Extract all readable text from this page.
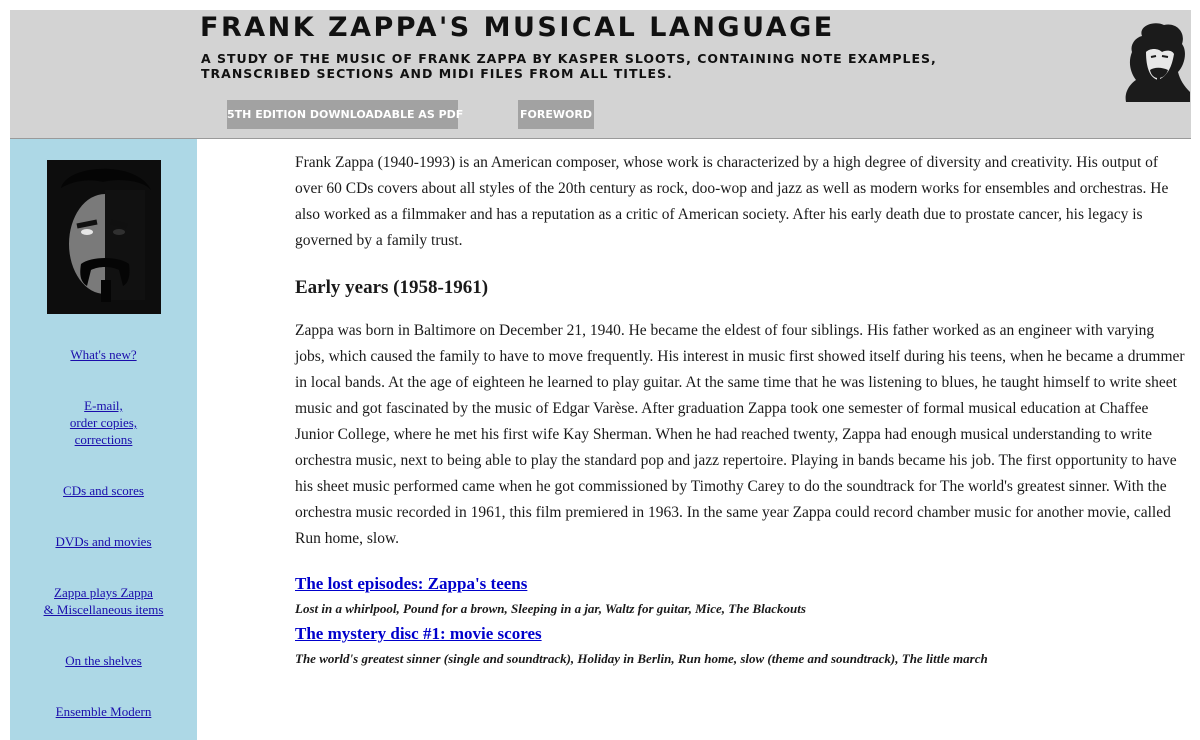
FRANK ZAPPA'S MUSICAL LANGUAGE

A STUDY OF THE MUSIC OF FRANK ZAPPA BY KASPER SLOOTS, CONTAINING NOTE EXAMPLES, TRANSCRIBED SECTIONS AND MIDI FILES FROM ALL TITLES.

5TH EDITION DOWNLOADABLE AS PDF	FOREWORD
What's new?
E-mail,
order copies,
corrections
CDs and scores
DVDs and movies
Zappa plays Zappa
& Miscellaneous items
On the shelves
Ensemble Modern

Frank Zappa (1940-1993) is an American composer, whose work is characterized by a high degree of diversity and creativity. His output of over 60 CDs covers about all styles of the 20th century as rock, doo-wop and jazz as well as modern works for ensembles and orchestras. He also worked as a filmmaker and has a reputation as a critic of American society. After his early death due to prostate cancer, his legacy is governed by a family trust.

Early years (1958-1961)

Zappa was born in Baltimore on December 21, 1940. He became the eldest of four siblings. His father worked as an engineer with varying jobs, which caused the family to have to move frequently. His interest in music first showed itself during his teens, when he became a drummer in local bands. At the age of eighteen he learned to play guitar. At the same time that he was listening to blues, he taught himself to write sheet music and got fascinated by the music of Edgar Varèse. After graduation Zappa took one semester of formal musical education at Chaffee Junior College, where he met his first wife Kay Sherman. When he had reached twenty, Zappa had enough musical understanding to write orchestra music, next to being able to play the standard pop and jazz repertoire. Playing in bands became his job. The first opportunity to have his sheet music performed came when he got commissioned by Timothy Carey to do the soundtrack for The world's greatest sinner. With the orchestra music recorded in 1961, this film premiered in 1963. In the same year Zappa could record chamber music for another movie, called Run home, slow.

The lost episodes: Zappa's teens
Lost in a whirlpool, Pound for a brown, Sleeping in a jar, Waltz for guitar, Mice, The Blackouts
The mystery disc #1: movie scores
The world's greatest sinner (single and soundtrack), Holiday in Berlin, Run home, slow (theme and soundtrack), The little march
